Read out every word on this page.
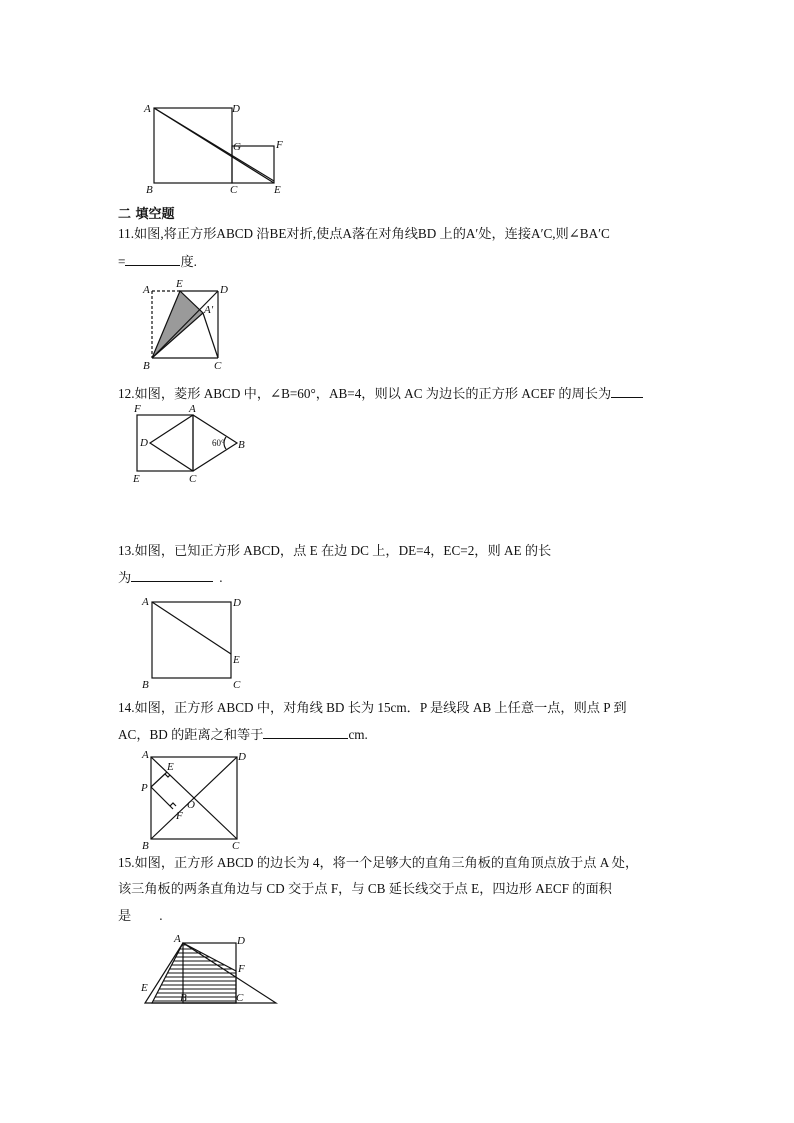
A	D
G	F
B	C	E
二 填空题
11.如图,将正方形ABCD 沿BE对折,使点A落在对角线BD 上的A′处，连接A′C,则∠BA′C
=	度.
A E	D
A′
B	C
12.如图，菱形 ABCD 中，∠B=60°，AB=4，则以 AC 为边长的正方形 ACEF 的周长为
F	A
D	B
60°
E	C
13.如图，已知正方形 ABCD，点 E 在边 DC 上，DE=4，EC=2，则 AE 的长
为	.
A	D
E
B	C
14.如图，正方形 ABCD 中，对角线 BD 长为 15cm．P 是线段 AB 上任意一点，则点 P 到
AC，BD 的距离之和等于	cm.
A	D
E
P
O
F
B	C
15.如图，正方形 ABCD 的边长为 4，将一个足够大的直角三角板的直角顶点放于点 A 处，
该三角板的两条直角边与 CD 交于点 F，与 CB 延长线交于点 E，四边形 AECF 的面积
是 .
A	D
F
E
B	C
